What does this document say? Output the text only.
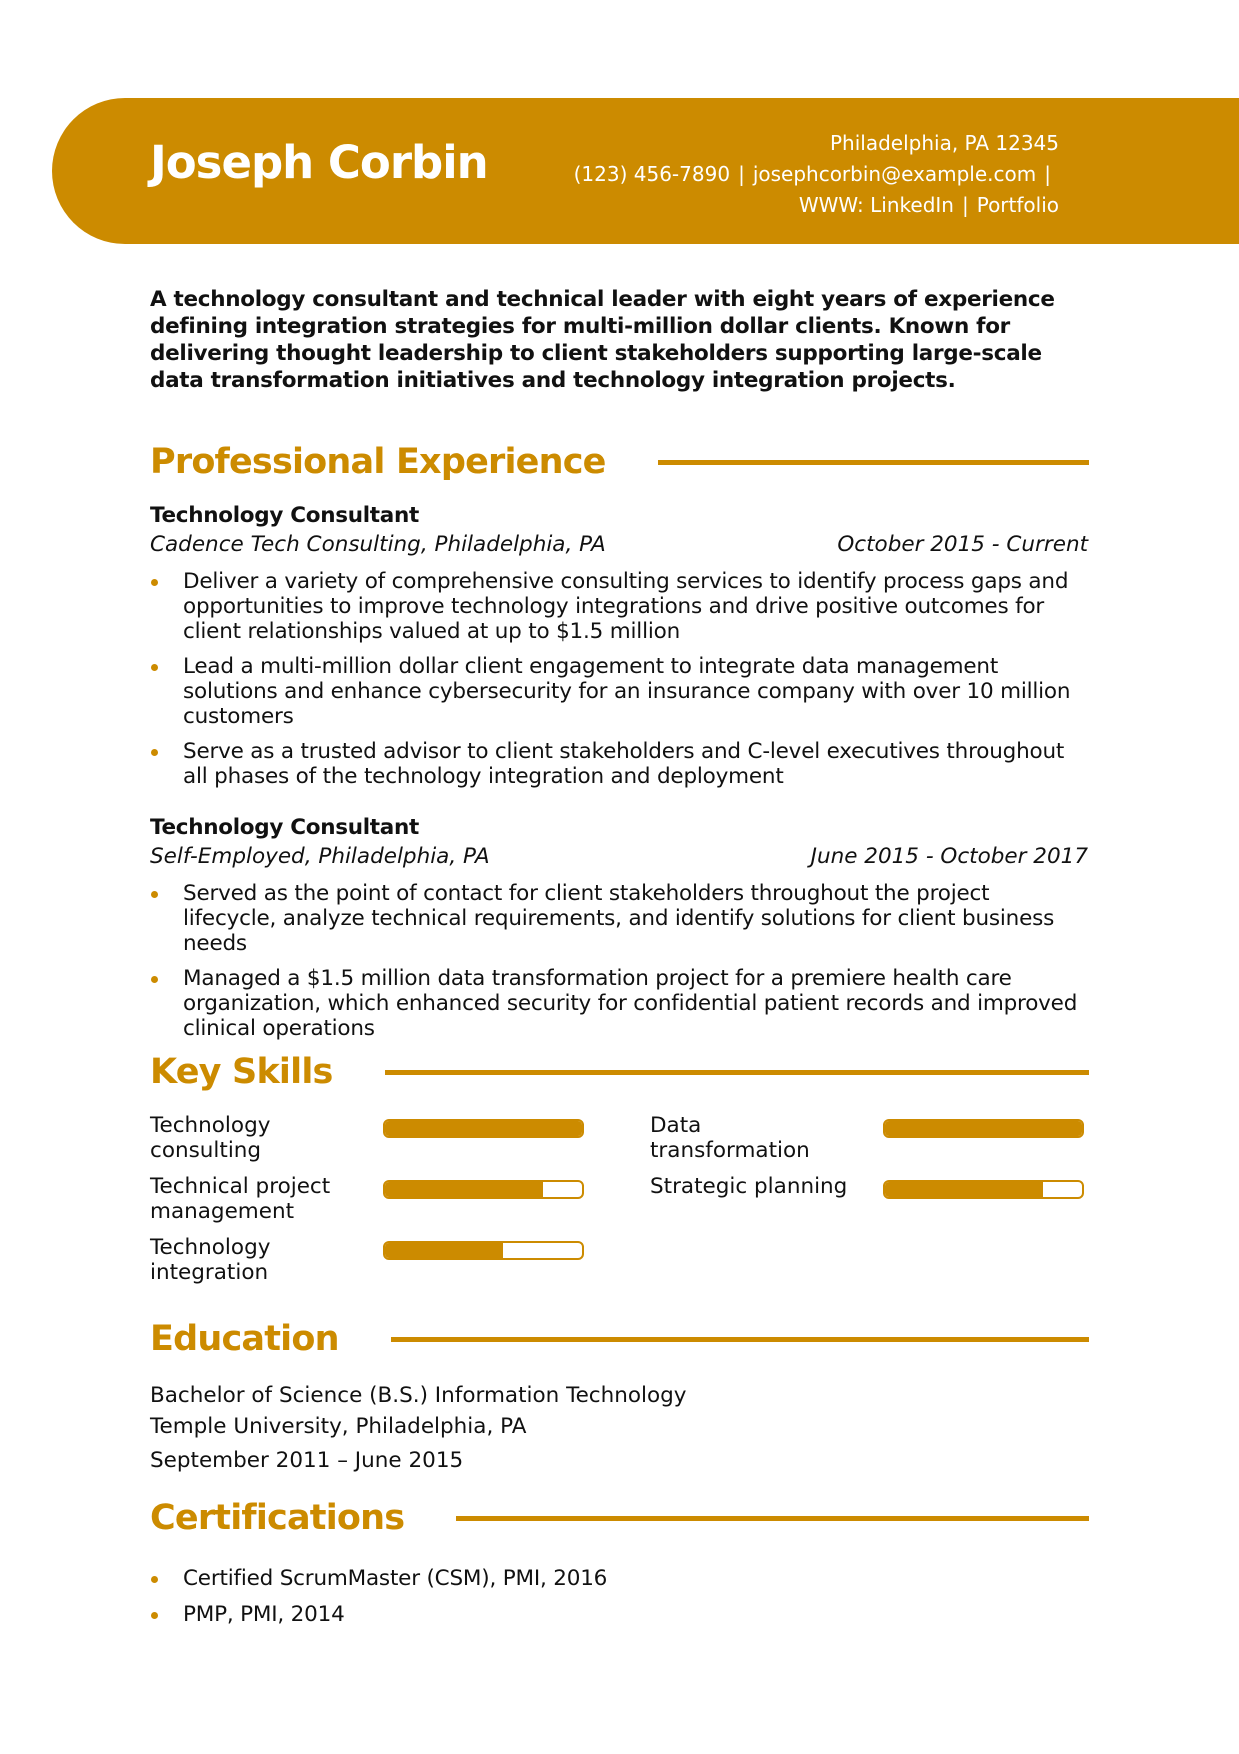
Joseph Corbin	Philadelphia, PA 12345
(123) 456-7890 | josephcorbin@example.com |
WWW: LinkedIn | Portfolio

A technology consultant and technical leader with eight years of experience defining integration strategies for multi-million dollar clients. Known for delivering thought leadership to client stakeholders supporting large-scale data transformation initiatives and technology integration projects.

Professional Experience
Technology Consultant
Cadence Tech Consulting, Philadelphia, PA	October 2015 - Current
Deliver a variety of comprehensive consulting services to identify process gaps and opportunities to improve technology integrations and drive positive outcomes for client relationships valued at up to $1.5 million
Lead a multi-million dollar client engagement to integrate data management solutions and enhance cybersecurity for an insurance company with over 10 million customers
Serve as a trusted advisor to client stakeholders and C-level executives throughout all phases of the technology integration and deployment
Technology Consultant
Self-Employed, Philadelphia, PA	June 2015 - October 2017
Served as the point of contact for client stakeholders throughout the project lifecycle, analyze technical requirements, and identify solutions for client business needs
Managed a $1.5 million data transformation project for a premiere health care organization, which enhanced security for confidential patient records and improved clinical operations
Key Skills
Technology consulting
Data transformation
Technical project management
Strategic planning
Technology integration
Education

Bachelor of Science (B.S.) Information Technology

Temple University, Philadelphia, PA

September 2011 – June 2015

Certifications
Certified ScrumMaster (CSM), PMI, 2016
PMP, PMI, 2014
